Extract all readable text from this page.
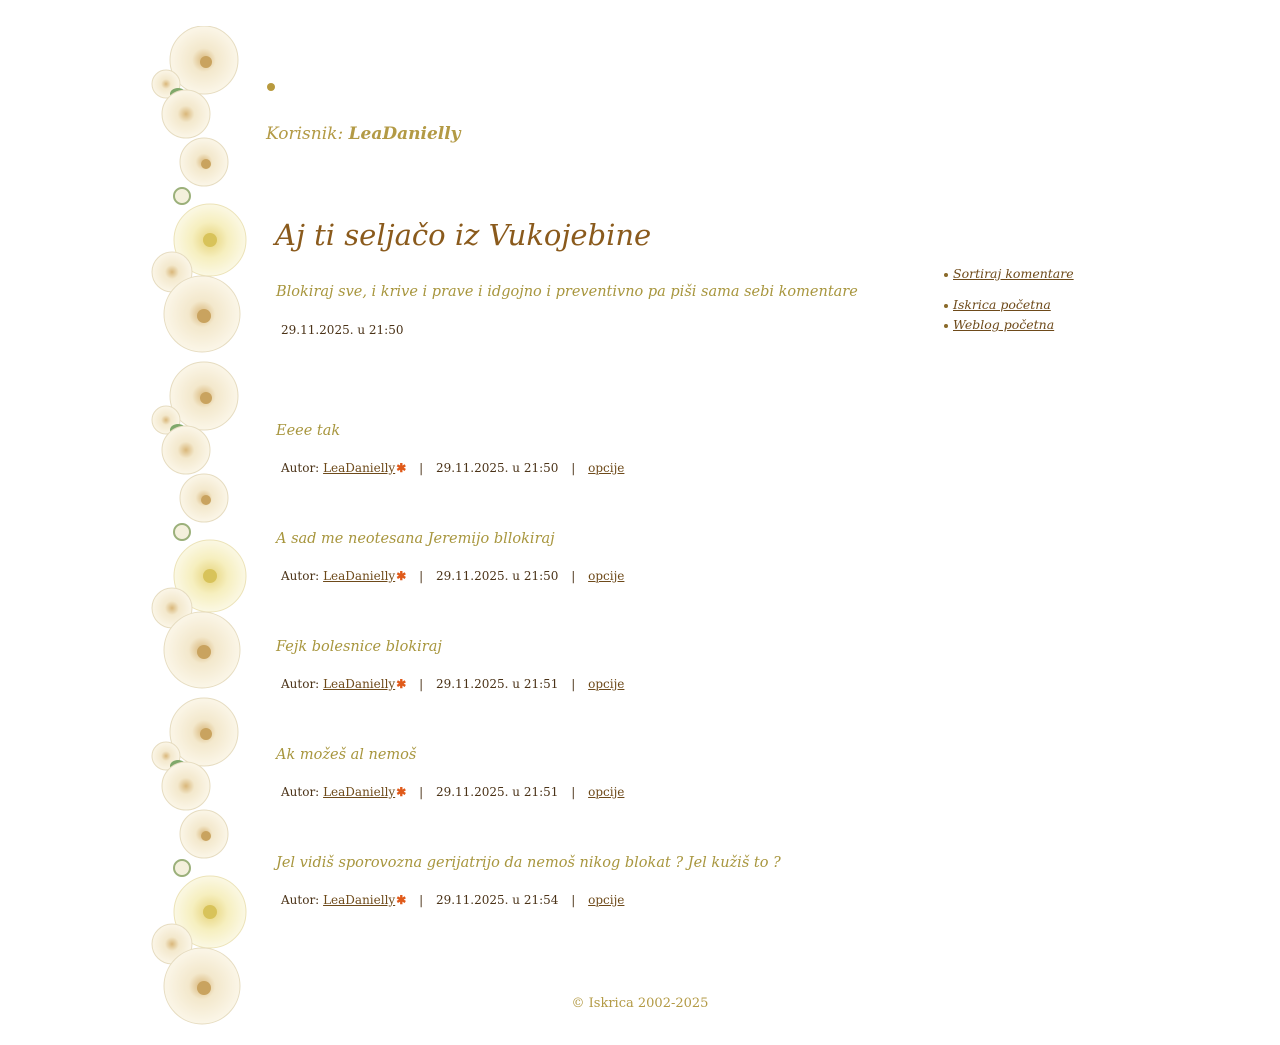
Korisnik: LeaDanielly
Aj ti seljačo iz Vukojebine
Blokiraj sve, i krive i prave i idgojno i preventivno pa piši sama sebi komentare
29.11.2025. u 21:50
Eeee tak
Autor: LeaDanielly✱ | 29.11.2025. u 21:50 | opcije
A sad me neotesana Jeremijo bllokiraj
Autor: LeaDanielly✱ | 29.11.2025. u 21:50 | opcije
Fejk bolesnice blokiraj
Autor: LeaDanielly✱ | 29.11.2025. u 21:51 | opcije
Ak možeš al nemoš
Autor: LeaDanielly✱ | 29.11.2025. u 21:51 | opcije
Jel vidiš sporovozna gerijatrijo da nemoš nikog blokat ? Jel kužiš to ?
Autor: LeaDanielly✱ | 29.11.2025. u 21:54 | opcije
Sortiraj komentare
Iskrica početna
Weblog početna
© Iskrica 2002-2025
